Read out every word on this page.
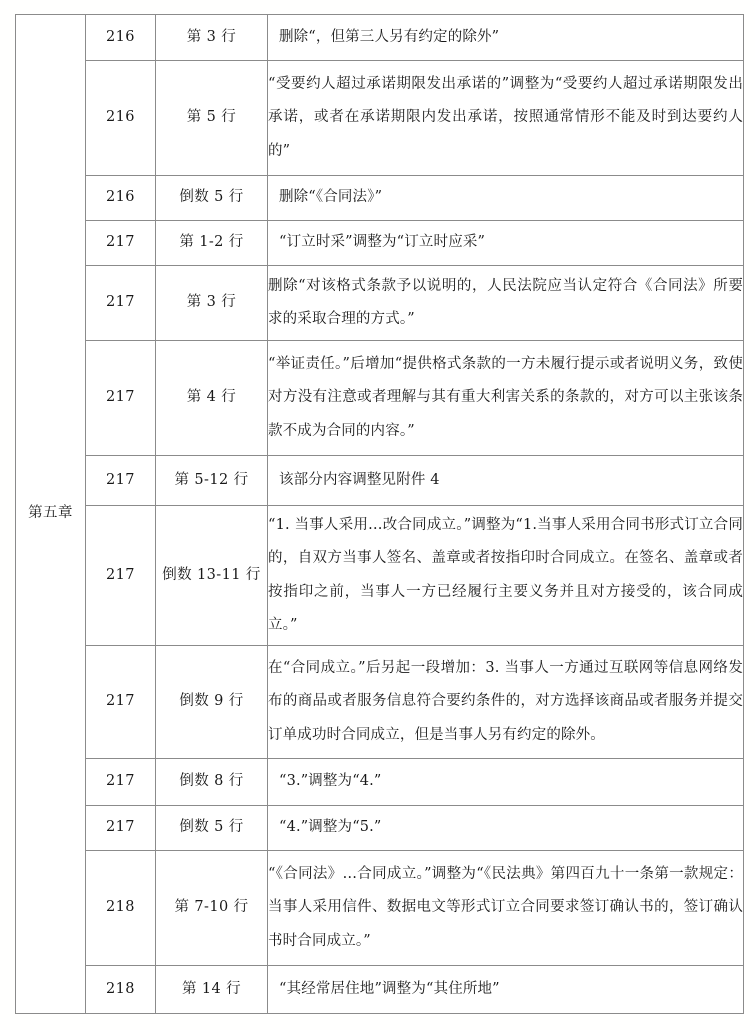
第五章	216	第 3 行	删除“，但第三人另有约定的除外”
	216	第 5 行	“受要约人超过承诺期限发出承诺的”调整为“受要约人超过承诺期限发出承诺，或者在承诺期限内发出承诺，按照通常情形不能及时到达要约人的”
	216	倒数 5 行	删除“《合同法》”
	217	第 1-2 行	“订立时采”调整为“订立时应采”
	217	第 3 行	删除“对该格式条款予以说明的，人民法院应当认定符合《合同法》所要求的采取合理的方式。”
	217	第 4 行	“举证责任。”后增加“提供格式条款的一方未履行提示或者说明义务，致使对方没有注意或者理解与其有重大利害关系的条款的，对方可以主张该条款不成为合同的内容。”
	217	第 5-12 行	该部分内容调整见附件 4
	217	倒数 13-11 行	“1. 当事人采用…改合同成立。”调整为“1.当事人采用合同书形式订立合同的，自双方当事人签名、盖章或者按指印时合同成立。在签名、盖章或者按指印之前，当事人一方已经履行主要义务并且对方接受的，该合同成立。”
	217	倒数 9 行	在“合同成立。”后另起一段增加：3. 当事人一方通过互联网等信息网络发布的商品或者服务信息符合要约条件的，对方选择该商品或者服务并提交订单成功时合同成立，但是当事人另有约定的除外。
	217	倒数 8 行	“3.”调整为“4.”
	217	倒数 5 行	“4.”调整为“5.”
	218	第 7-10 行	“《合同法》…合同成立。”调整为“《民法典》第四百九十一条第一款规定：当事人采用信件、数据电文等形式订立合同要求签订确认书的，签订确认书时合同成立。”
	218	第 14 行	“其经常居住地”调整为“其住所地”
